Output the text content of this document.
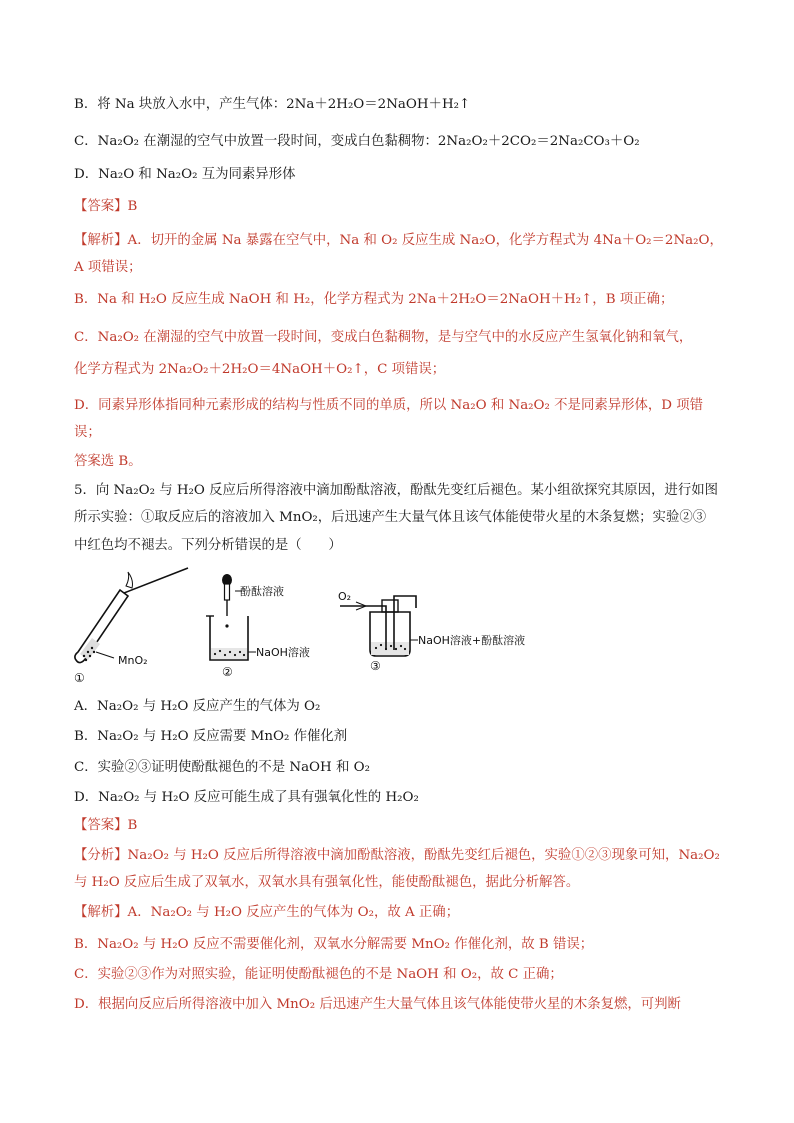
B．将 Na 块放入水中，产生气体：2Na＋2H₂O＝2NaOH＋H₂↑
C．Na₂O₂ 在潮湿的空气中放置一段时间，变成白色黏稠物：2Na₂O₂＋2CO₂＝2Na₂CO₃＋O₂
D．Na₂O 和 Na₂O₂ 互为同素异形体
【答案】B
【解析】A．切开的金属 Na 暴露在空气中，Na 和 O₂ 反应生成 Na₂O，化学方程式为 4Na＋O₂＝2Na₂O，
A 项错误；
B．Na 和 H₂O 反应生成 NaOH 和 H₂，化学方程式为 2Na＋2H₂O＝2NaOH＋H₂↑，B 项正确；
C．Na₂O₂ 在潮湿的空气中放置一段时间，变成白色黏稠物，是与空气中的水反应产生氢氧化钠和氧气，
化学方程式为 2Na₂O₂＋2H₂O＝4NaOH＋O₂↑，C 项错误；
D．同素异形体指同种元素形成的结构与性质不同的单质，所以 Na₂O 和 Na₂O₂ 不是同素异形体，D 项错
误；
答案选 B。
5．向 Na₂O₂ 与 H₂O 反应后所得溶液中滴加酚酞溶液，酚酞先变红后褪色。某小组欲探究其原因，进行如图
所示实验：①取反应后的溶液加入 MnO₂，后迅速产生大量气体且该气体能使带火星的木条复燃；实验②③
中红色均不褪去。下列分析错误的是（　　）
A．Na₂O₂ 与 H₂O 反应产生的气体为 O₂
B．Na₂O₂ 与 H₂O 反应需要 MnO₂ 作催化剂
C．实验②③证明使酚酞褪色的不是 NaOH 和 O₂
D．Na₂O₂ 与 H₂O 反应可能生成了具有强氧化性的 H₂O₂
【答案】B
【分析】Na₂O₂ 与 H₂O 反应后所得溶液中滴加酚酞溶液，酚酞先变红后褪色，实验①②③现象可知，Na₂O₂
与 H₂O 反应后生成了双氧水，双氧水具有强氧化性，能使酚酞褪色，据此分析解答。
【解析】A．Na₂O₂ 与 H₂O 反应产生的气体为 O₂，故 A 正确；
B．Na₂O₂ 与 H₂O 反应不需要催化剂，双氧水分解需要 MnO₂ 作催化剂，故 B 错误；
C．实验②③作为对照实验，能证明使酚酞褪色的不是 NaOH 和 O₂，故 C 正确；
D．根据向反应后所得溶液中加入 MnO₂ 后迅速产生大量气体且该气体能使带火星的木条复燃，可判断
MnO₂
①
酚酞溶液
NaOH溶液
②
O₂
NaOH溶液+酚酞溶液
③
